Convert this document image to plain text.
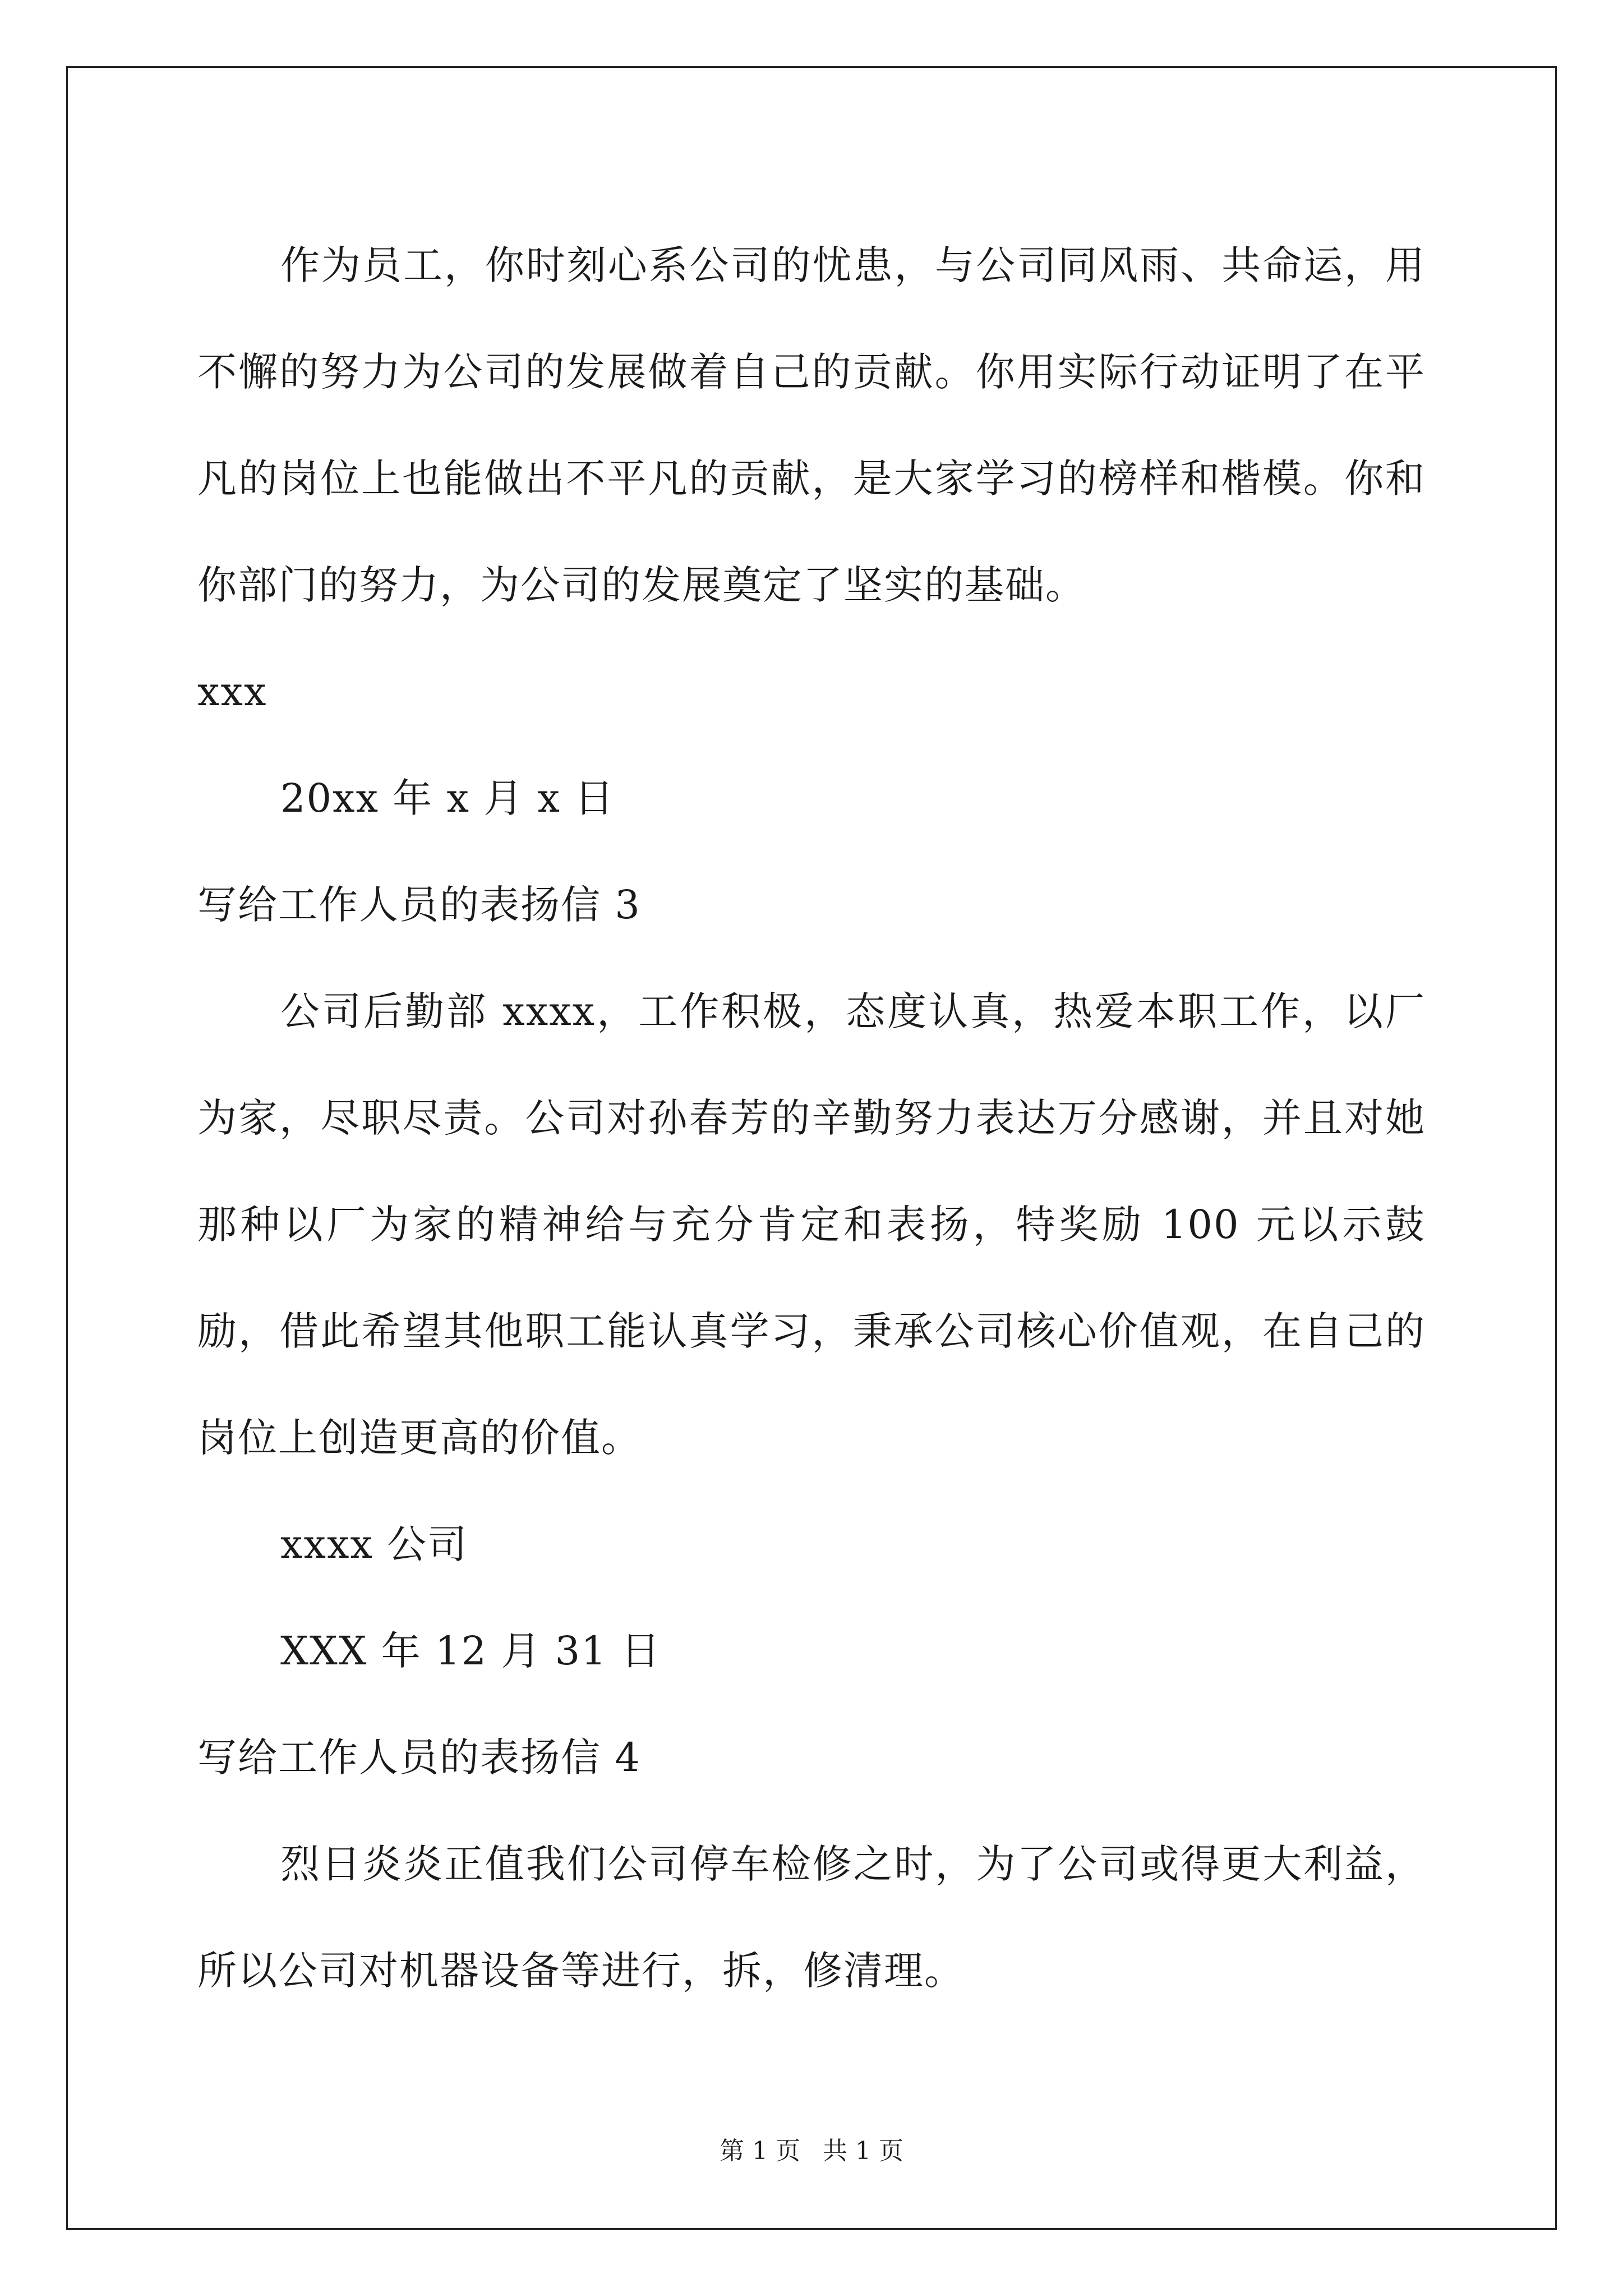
作为员工，你时刻心系公司的忧患，与公司同风雨、共命运，用不懈的努力为公司的发展做着自己的贡献。你用实际行动证明了在平凡的岗位上也能做出不平凡的贡献，是大家学习的榜样和楷模。你和你部门的努力，为公司的发展奠定了坚实的基础。

xxx

20xx 年 x 月 x 日

写给工作人员的表扬信 3

公司后勤部 xxxx，工作积极，态度认真，热爱本职工作，以厂为家，尽职尽责。公司对孙春芳的辛勤努力表达万分感谢，并且对她那种以厂为家的精神给与充分肯定和表扬，特奖励 100 元以示鼓励，借此希望其他职工能认真学习，秉承公司核心价值观，在自己的岗位上创造更高的价值。

xxxx 公司

XXX 年 12 月 31 日

写给工作人员的表扬信 4

烈日炎炎正值我们公司停车检修之时，为了公司或得更大利益，所以公司对机器设备等进行，拆，修清理。

第 1 页 共 1 页
